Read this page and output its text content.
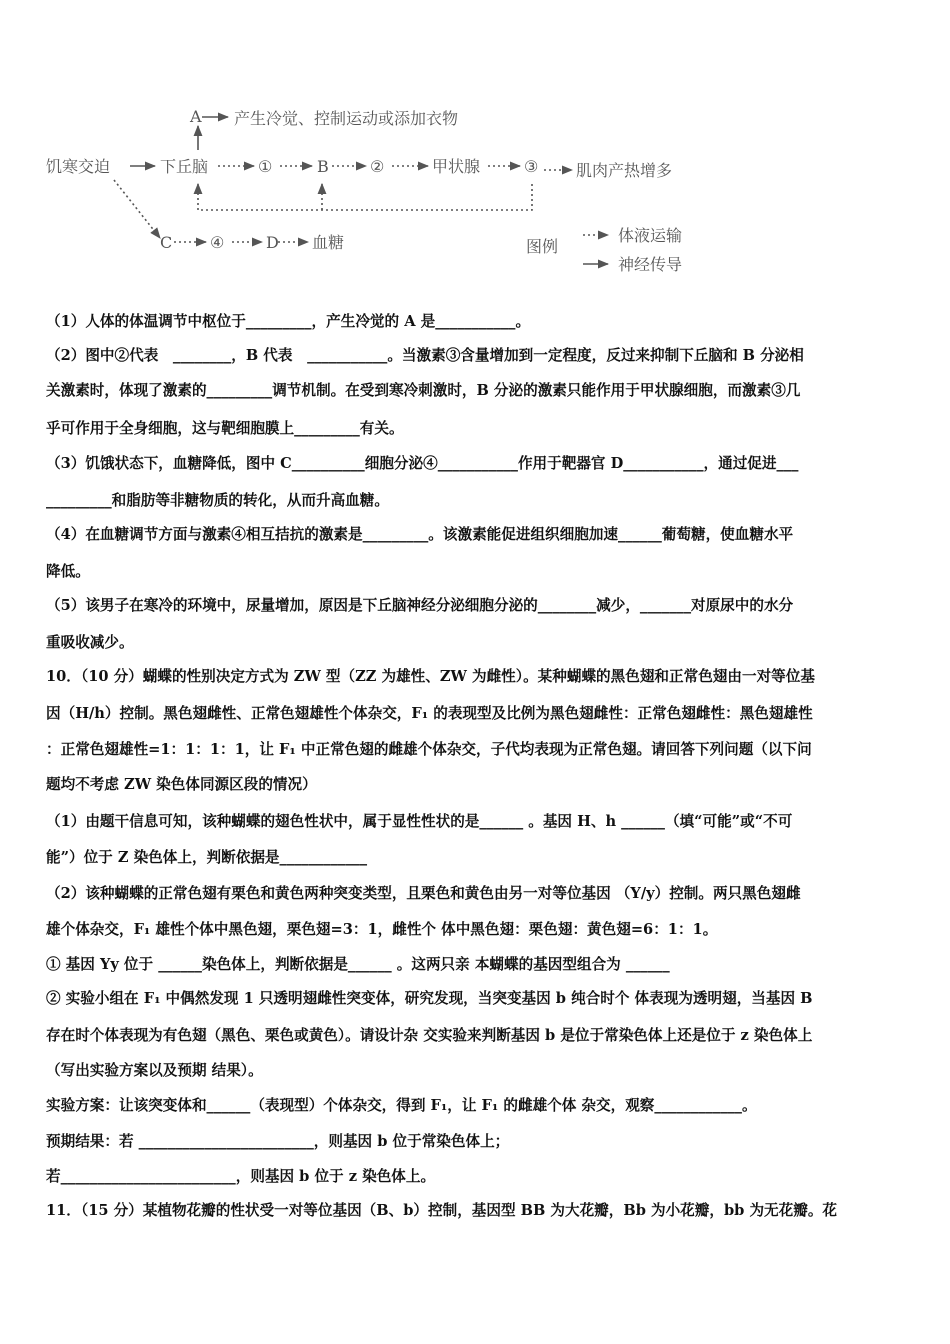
饥寒交迫	下丘脑
A 产生冷觉、控制运动或添加衣物
①	B	②	甲状腺	③ 肌肉产热增多
C ④	D 血糖	图例
体液运输
神经传导
（1）人体的体温调节中枢位于_________，产生冷觉的 A 是___________。
（2）图中②代表　________，B 代表　___________。当激素③含量增加到一定程度，反过来抑制下丘脑和 B 分泌相
关激素时，体现了激素的_________调节机制。在受到寒冷刺激时，B 分泌的激素只能作用于甲状腺细胞，而激素③几
乎可作用于全身细胞，这与靶细胞膜上_________有关。
（3）饥饿状态下，血糖降低，图中 C__________细胞分泌④___________作用于靶器官 D___________，通过促进___
_________和脂肪等非糖物质的转化，从而升高血糖。
（4）在血糖调节方面与激素④相互拮抗的激素是_________。该激素能促进组织细胞加速______葡萄糖，使血糖水平
降低。
（5）该男子在寒冷的环境中，尿量增加，原因是下丘脑神经分泌细胞分泌的________减少，_______对原尿中的水分
重吸收减少。
10．（10 分）蝴蝶的性别决定方式为 ZW 型（ZZ 为雄性、ZW 为雌性）。某种蝴蝶的黑色翅和正常色翅由一对等位基
因（H/h）控制。黑色翅雌性、正常色翅雄性个体杂交，F₁ 的表现型及比例为黑色翅雌性：正常色翅雌性：黑色翅雄性
：正常色翅雄性=1：1：1：1，让 F₁ 中正常色翅的雌雄个体杂交，子代均表现为正常色翅。请回答下列问题（以下问
题均不考虑 ZW 染色体同源区段的情况）
（1）由题干信息可知，该种蝴蝶的翅色性状中，属于显性性状的是______ 。基因 H、h ______（填“可能”或“不可
能”）位于 Z 染色体上，判断依据是____________
（2）该种蝴蝶的正常色翅有栗色和黄色两种突变类型，且栗色和黄色由另一对等位基因 （Y/y）控制。两只黑色翅雌
雄个体杂交，F₁ 雄性个体中黑色翅，栗色翅=3：1，雌性个 体中黑色翅：栗色翅：黄色翅=6：1：1。
① 基因 Yy 位于 ______染色体上，判断依据是______ 。这两只亲 本蝴蝶的基因型组合为 ______
② 实验小组在 F₁ 中偶然发现 1 只透明翅雌性突变体，研究发现，当突变基因 b 纯合时个 体表现为透明翅，当基因 B
存在时个体表现为有色翅（黑色、栗色或黄色）。请设计杂 交实验来判断基因 b 是位于常染色体上还是位于 z 染色体上
（写出实验方案以及预期 结果）。
实验方案：让该突变体和______（表现型）个体杂交，得到 F₁，让 F₁ 的雌雄个体 杂交，观察____________。
预期结果：若 ________________________，则基因 b 位于常染色体上；
若________________________，则基因 b 位于 z 染色体上。
11．（15 分）某植物花瓣的性状受一对等位基因（B、b）控制，基因型 BB 为大花瓣，Bb 为小花瓣，bb 为无花瓣。花
